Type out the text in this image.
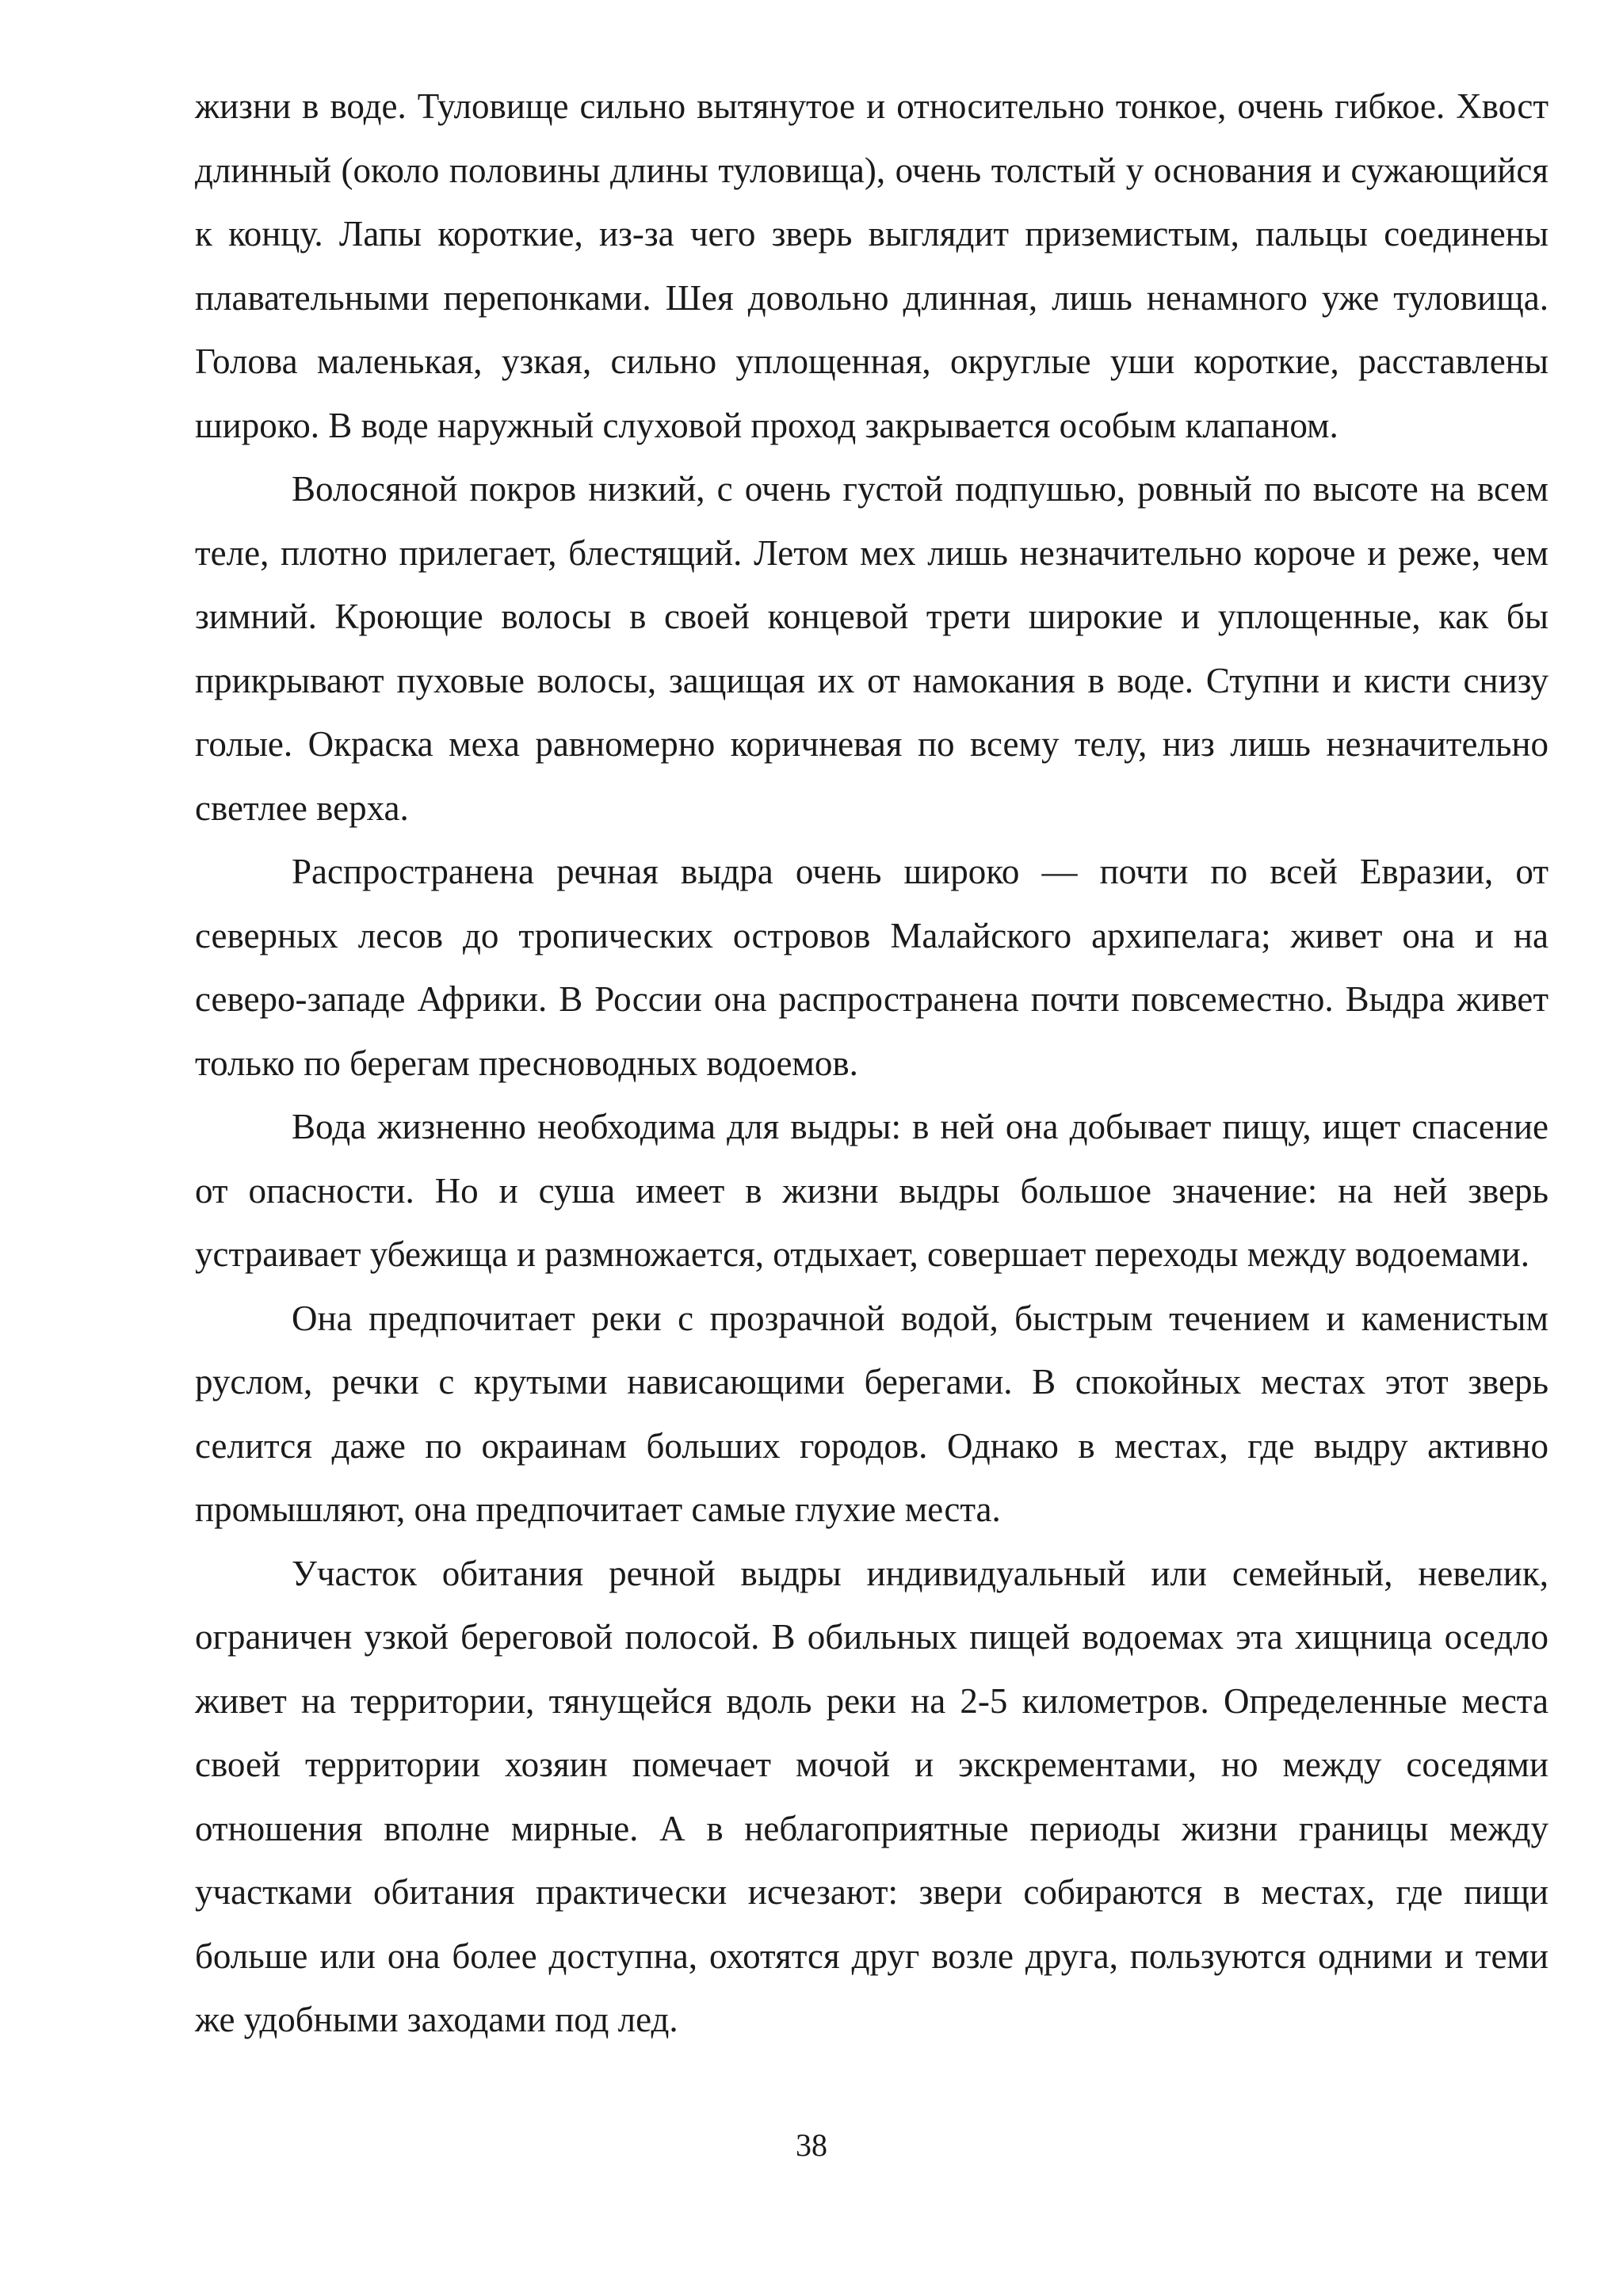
жизни в воде. Туловище сильно вытянутое и относительно тонкое, очень гибкое. Хвост длинный (около половины длины туловища), очень толстый у основания и сужающийся к концу. Лапы короткие, из-за чего зверь выглядит приземистым, пальцы соединены плавательными перепонками. Шея довольно длинная, лишь ненамного уже туловища. Голова маленькая, узкая, сильно уплощенная, округлые уши короткие, расставлены широко. В воде наружный слуховой проход закрывается особым клапаном.

Волосяной покров низкий, с очень густой подпушью, ровный по высоте на всем теле, плотно прилегает, блестящий. Летом мех лишь незначительно короче и реже, чем зимний. Кроющие волосы в своей концевой трети широкие и уплощенные, как бы прикрывают пуховые волосы, защищая их от намокания в воде. Ступни и кисти снизу голые. Окраска меха равномерно коричневая по всему телу, низ лишь незначительно светлее верха.

Распространена речная выдра очень широко — почти по всей Евразии, от северных лесов до тропических островов Малайского архипелага; живет она и на северо-западе Африки. В России она распространена почти повсеместно. Выдра живет только по берегам пресноводных водоемов.

Вода жизненно необходима для выдры: в ней она добывает пищу, ищет спасение от опасности. Но и суша имеет в жизни выдры большое значение: на ней зверь устраивает убежища и размножается, отдыхает, совершает переходы между водоемами.

Она предпочитает реки с прозрачной водой, быстрым течением и каменистым руслом, речки с крутыми нависающими берегами. В спокойных местах этот зверь селится даже по окраинам больших городов. Однако в местах, где выдру активно промышляют, она предпочитает самые глухие места.

Участок обитания речной выдры индивидуальный или семейный, невелик, ограничен узкой береговой полосой. В обильных пищей водоемах эта хищница оседло живет на территории, тянущейся вдоль реки на 2-5 километров. Определенные места своей территории хозяин помечает мочой и экскрементами, но между соседями отношения вполне мирные. А в неблагоприятные периоды жизни границы между участками обитания практически исчезают: звери собираются в местах, где пищи больше или она более доступна, охотятся друг возле друга, пользуются одними и теми же удобными заходами под лед.

38
